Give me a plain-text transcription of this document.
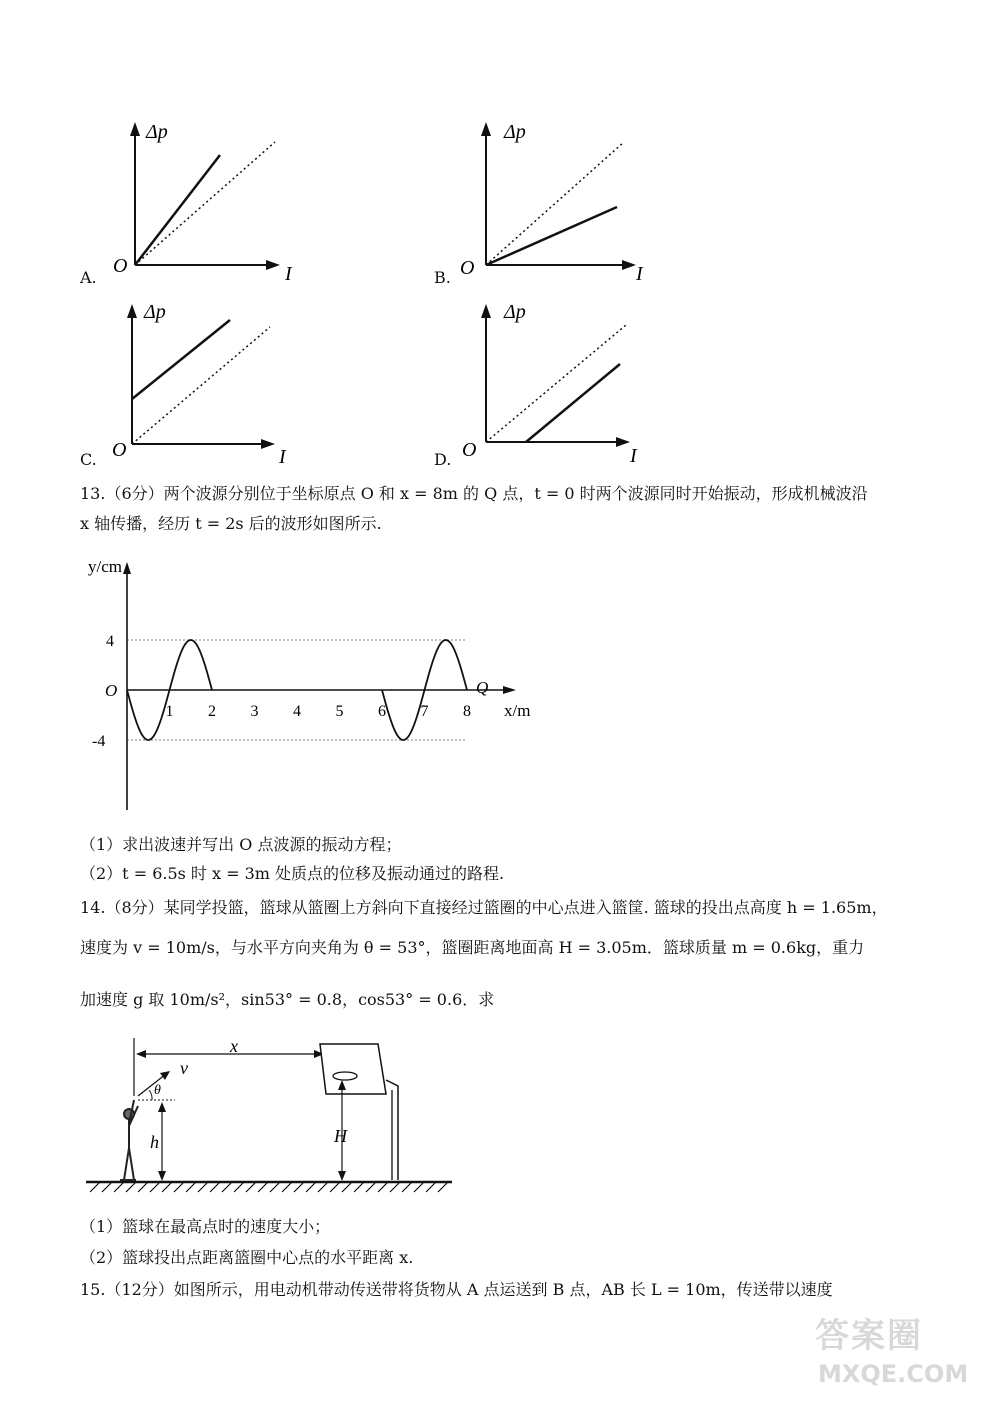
Δp
O	I
A.
Δp
O	I
B.
Δp
O	I
C.
Δp
O	I
D.
13.（6分）两个波源分别位于坐标原点 O 和 x = 8m 的 Q 点，t = 0 时两个波源同时开始振动，形成机械波沿
x 轴传播，经历 t = 2s 后的波形如图所示.
y/cm
x/m
O	Q
1 2 3 4 5 6 7 8
4
-4
（1）求出波速并写出 O 点波源的振动方程；
（2）t = 6.5s 时 x = 3m 处质点的位移及振动通过的路程.
14.（8分）某同学投篮，篮球从篮圈上方斜向下直接经过篮圈的中心点进入篮筐. 篮球的投出点高度 h = 1.65m，
速度为 v = 10m/s，与水平方向夹角为 θ = 53°，篮圈距离地面高 H = 3.05m．篮球质量 m = 0.6kg，重力
加速度 g 取 10m/s²，sin53° = 0.8，cos53° = 0.6．求
x
v
θ
h	H
（1）篮球在最高点时的速度大小；
（2）篮球投出点距离篮圈中心点的水平距离 x.
15.（12分）如图所示，用电动机带动传送带将货物从 A 点运送到 B 点，AB 长 L = 10m，传送带以速度
答案圈
MXQE.COM
